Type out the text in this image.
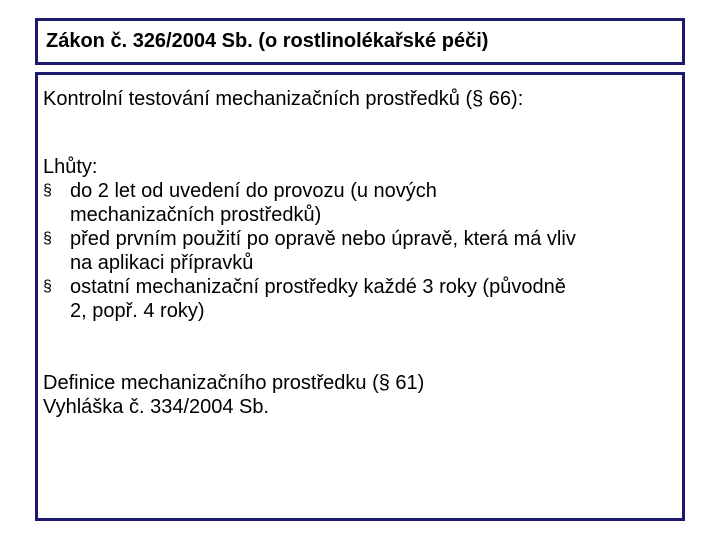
Zákon č. 326/2004 Sb. (o rostlinolékařské péči)
Kontrolní testování mechanizačních prostředků (§ 66):
Lhůty:
§ do 2 let od uvedení do provozu (u nových
mechanizačních prostředků)
§ před prvním použití po opravě nebo úpravě, která má vliv
na aplikaci přípravků
§ ostatní mechanizační prostředky každé 3 roky (původně
2, popř. 4 roky)
Definice mechanizačního prostředku (§ 61)
Vyhláška č. 334/2004 Sb.
